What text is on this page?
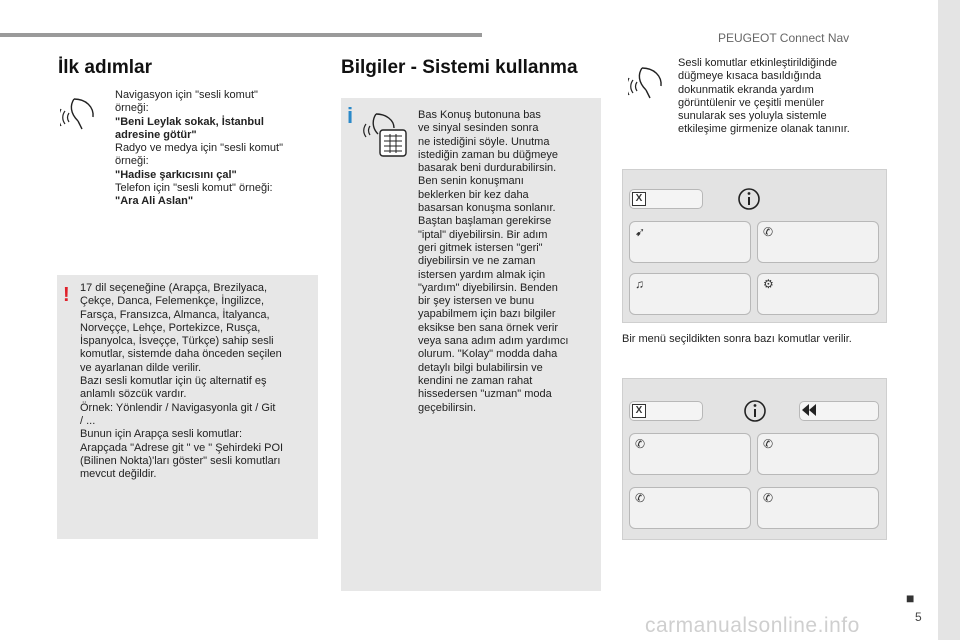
PEUGEOT Connect Nav
İlk adımlar
Navigasyon için "sesli komut"
örneği:
"Beni Leylak sokak, İstanbul
adresine götür"
Radyo ve medya için "sesli komut"
örneği:
"Hadise şarkıcısını çal"
Telefon için "sesli komut" örneği:
"Ara Ali Aslan"
! 17 dil seçeneğine (Arapça, Brezilyaca,
Çekçe, Danca, Felemenkçe, İngilizce,
Farsça, Fransızca, Almanca, İtalyanca,
Norveççe, Lehçe, Portekizce, Rusça,
İspanyolca, İsveççe, Türkçe) sahip sesli
komutlar, sistemde daha önceden seçilen
ve ayarlanan dilde verilir.
Bazı sesli komutlar için üç alternatif eş
anlamlı sözcük vardır.
Örnek: Yönlendir / Navigasyonla git / Git
/ ...
Bunun için Arapça sesli komutlar:
Arapçada "Adrese git " ve " Şehirdeki POI
(Bilinen Nokta)'ları göster" sesli komutları
mevcut değildir.
Bilgiler - Sistemi kullanma
i	Bas Konuş butonuna bas
ve sinyal sesinden sonra
ne istediğini söyle. Unutma
istediğin zaman bu düğmeye
basarak beni durdurabilirsin.
Ben senin konuşmanı
beklerken bir kez daha
basarsan konuşma sonlanır.
Baştan başlaman gerekirse
"iptal" diyebilirsin. Bir adım
geri gitmek istersen "geri"
diyebilirsin ve ne zaman
istersen yardım almak için
"yardım" diyebilirsin. Benden
bir şey istersen ve bunu
yapabilmem için bazı bilgiler
eksikse ben sana örnek verir
veya sana adım adım yardımcı
olurum. "Kolay" modda daha
detaylı bilgi bulabilirsin ve
kendini ne zaman rahat
hissedersen "uzman" moda
geçebilirsin.
Sesli komutlar etkinleştirildiğinde
düğmeye kısaca basıldığında
dokunmatik ekranda yardım
görüntülenir ve çeşitli menüler
sunularak ses yoluyla sistemle
etkileşime girmenize olanak tanınır.
X
➹	✆
♫	⚙
Bir menü seçildikten sonra bazı komutlar verilir.
X
✆	✆
✆	✆
carmanualsonline.info
■
5
